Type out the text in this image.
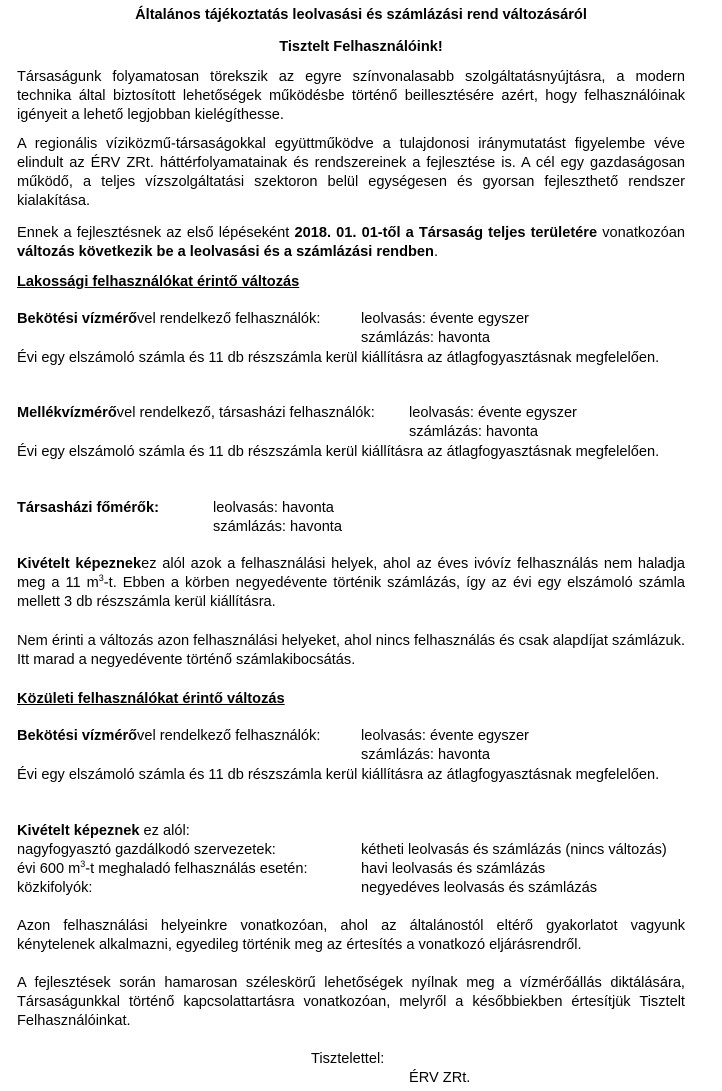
Általános tájékoztatás leolvasási és számlázási rend változásáról
Tisztelt Felhasználóink!
Társaságunk folyamatosan törekszik az egyre színvonalasabb szolgáltatásnyújtásra, a modern technika által biztosított lehetőségek működésbe történő beillesztésére azért, hogy felhasználóinak igényeit a lehető legjobban kielégíthesse.
A regionális víziközmű-társaságokkal együttműködve a tulajdonosi iránymutatást figyelembe véve elindult az ÉRV ZRt. háttérfolyamatainak és rendszereinek a fejlesztése is. A cél egy gazdaságosan működő, a teljes vízszolgáltatási szektoron belül egységesen és gyorsan fejleszthető rendszer kialakítása.
Ennek a fejlesztésnek az első lépéseként 2018. 01. 01-től a Társaság teljes területére vonatkozóan változás következik be a leolvasási és a számlázási rendben.
Lakossági felhasználókat érintő változás
Bekötési vízmérővel rendelkező felhasználók:	leolvasás: évente egyszer
számlázás: havonta
Évi egy elszámoló számla és 11 db részszámla kerül kiállításra az átlagfogyasztásnak megfelelően.
Mellékvízmérővel rendelkező, társasházi felhasználók: leolvasás: évente egyszer
számlázás: havonta
Évi egy elszámoló számla és 11 db részszámla kerül kiállításra az átlagfogyasztásnak megfelelően.
Társasházi főmérők:	leolvasás: havonta
számlázás: havonta
Kivételt képeznekez alól azok a felhasználási helyek, ahol az éves ivóvíz felhasználás nem haladja meg a 11 $m^3-t$. Ebben a körben negyedévente történik számlázás, így az évi egy elszámoló számla mellett 3 db részszámla kerül kiállításra.
Nem érinti a változás azon felhasználási helyeket, ahol nincs felhasználás és csak alapdíjat számlázuk. Itt marad a negyedévente történő számlakibocsátás.
Közületi felhasználókat érintő változás
Bekötési vízmérővel rendelkező felhasználók:	leolvasás: évente egyszer
számlázás: havonta
Évi egy elszámoló számla és 11 db részszámla kerül kiállításra az átlagfogyasztásnak megfelelően.
Kivételt képeznek ez alól:
nagyfogyasztó gazdálkodó szervezetek:	kétheti leolvasás és számlázás (nincs változás)
évi 600 $m^3-t$ meghaladó felhasználás esetén:	havi leolvasás és számlázás
közkifolyók:	negyedéves leolvasás és számlázás
Azon felhasználási helyeinkre vonatkozóan, ahol az általánostól eltérő gyakorlatot vagyunk kénytelenek alkalmazni, egyedileg történik meg az értesítés a vonatkozó eljárásrendről.
A fejlesztések során hamarosan széleskörű lehetőségek nyílnak meg a vízmérőállás diktálására, Társaságunkkal történő kapcsolattartásra vonatkozóan, melyről a későbbiekben értesítjük Tisztelt Felhasználóinkat.
Tisztelettel:
ÉRV ZRt.
